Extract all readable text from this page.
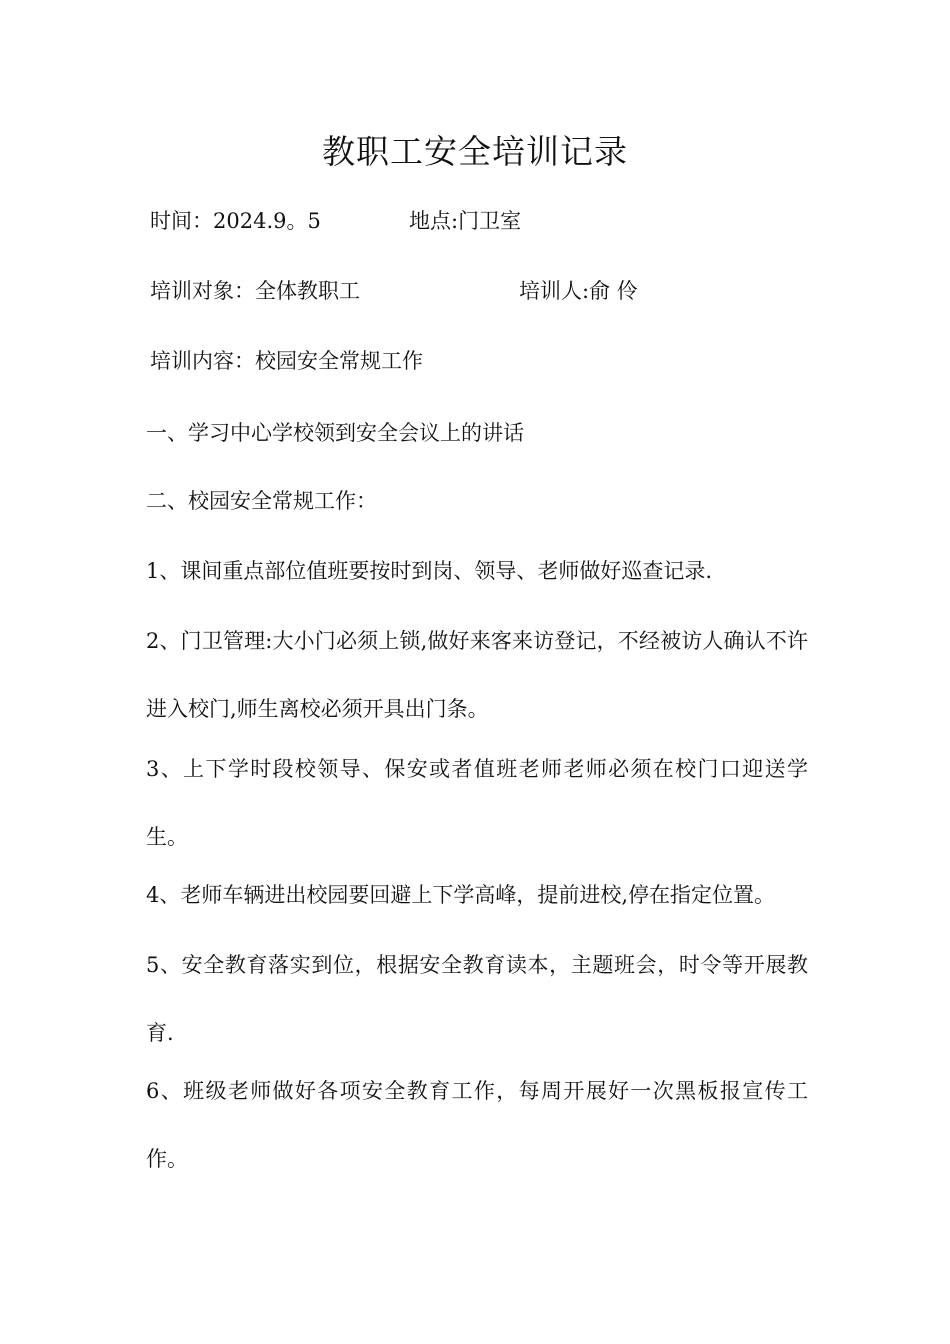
教职工安全培训记录
时间：2024.9。5	地点:门卫室
培训对象：全体教职工	培训人:俞 伶
培训内容：校园安全常规工作
一、学习中心学校领到安全会议上的讲话
二、校园安全常规工作：
1、课间重点部位值班要按时到岗、领导、老师做好巡查记录.
2、门卫管理:大小门必须上锁,做好来客来访登记，不经被访人确认不许进入校门,师生离校必须开具出门条。
3、上下学时段校领导、保安或者值班老师老师必须在校门口迎送学生。
4、老师车辆进出校园要回避上下学高峰，提前进校,停在指定位置。
5、安全教育落实到位，根据安全教育读本，主题班会，时令等开展教育.
6、班级老师做好各项安全教育工作，每周开展好一次黑板报宣传工作。
